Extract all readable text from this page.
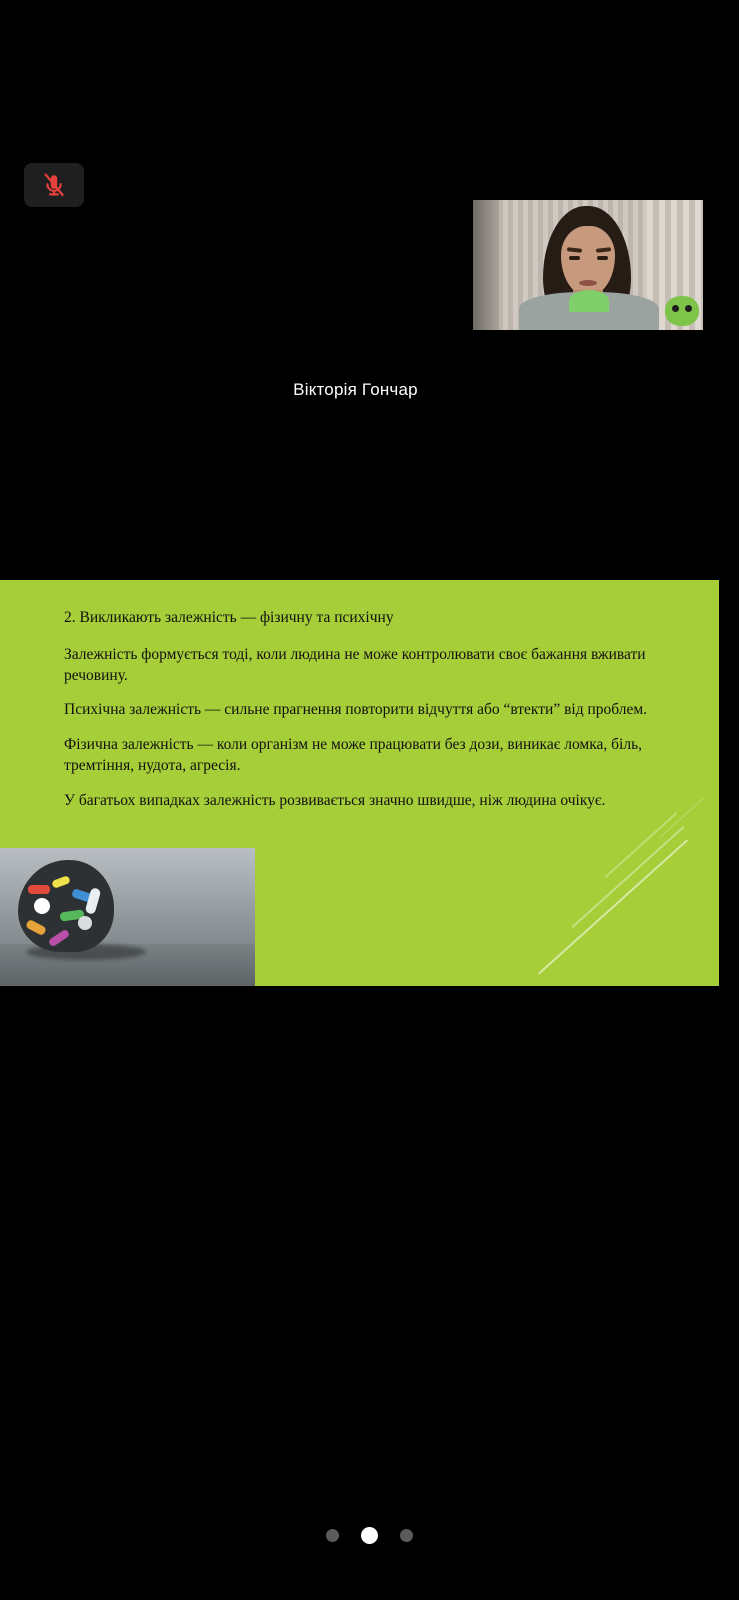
Вікторія Гончар

2. Викликають залежність — фізичну та психічну

Залежність формується тоді, коли людина не може контролювати своє бажання вживати речовину.

Психічна залежність — сильне прагнення повторити відчуття або “втекти” від проблем.

Фізична залежність — коли організм не може працювати без дози, виникає ломка, біль, тремтіння, нудота, агресія.

У багатьох випадках залежність розвивається значно швидше, ніж людина очікує.
